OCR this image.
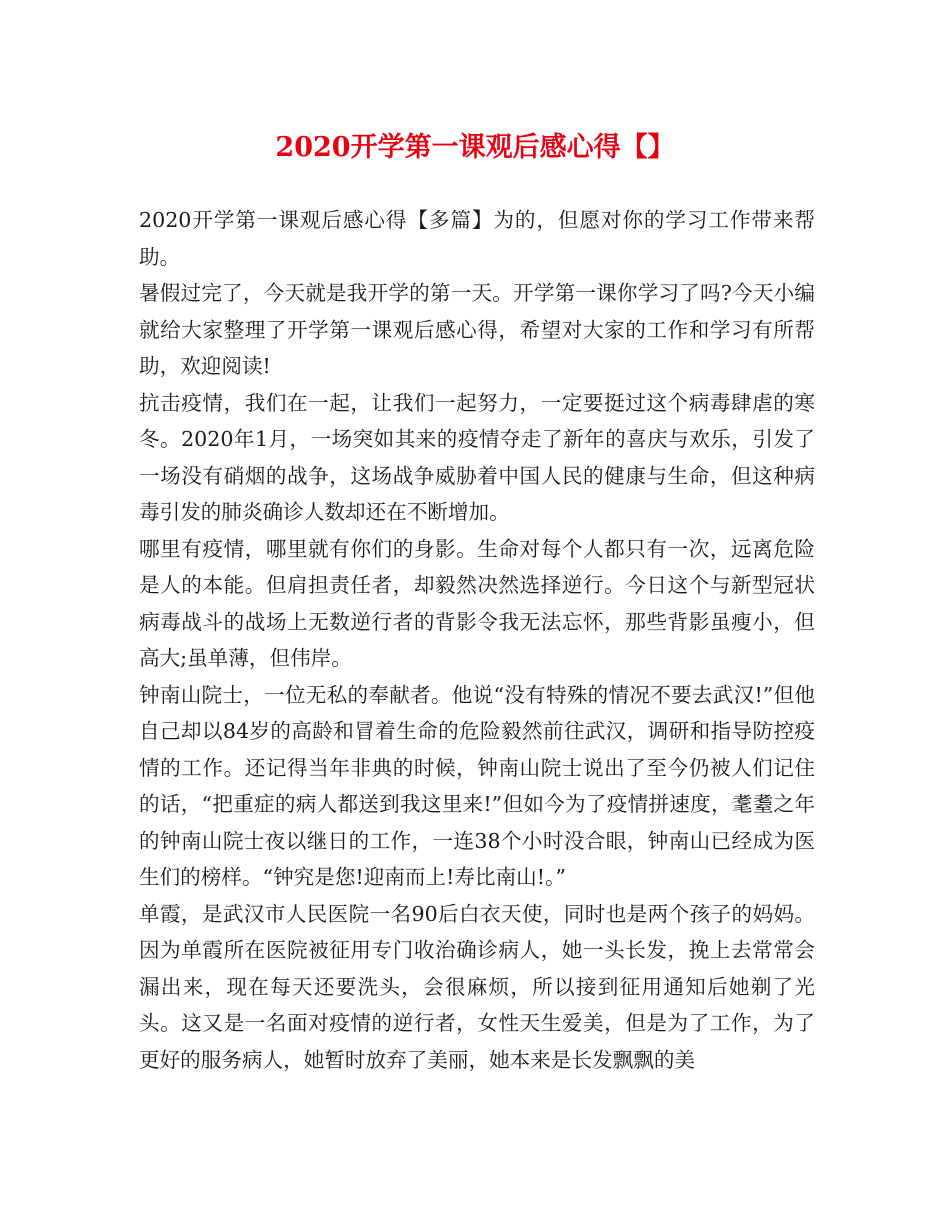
2020开学第一课观后感心得【】

2020开学第一课观后感心得【多篇】为的，但愿对你的学习工作带来帮助。

暑假过完了，今天就是我开学的第一天。开学第一课你学习了吗?今天小编就给大家整理了开学第一课观后感心得，希望对大家的工作和学习有所帮助，欢迎阅读!

抗击疫情，我们在一起，让我们一起努力，一定要挺过这个病毒肆虐的寒冬。2020年1月，一场突如其来的疫情夺走了新年的喜庆与欢乐，引发了一场没有硝烟的战争，这场战争威胁着中国人民的健康与生命，但这种病毒引发的肺炎确诊人数却还在不断增加。

哪里有疫情，哪里就有你们的身影。生命对每个人都只有一次，远离危险是人的本能。但肩担责任者，却毅然决然选择逆行。今日这个与新型冠状病毒战斗的战场上无数逆行者的背影令我无法忘怀，那些背影虽瘦小，但高大;虽单薄，但伟岸。

钟南山院士，一位无私的奉献者。他说“没有特殊的情况不要去武汉!”但他自己却以84岁的高龄和冒着生命的危险毅然前往武汉，调研和指导防控疫情的工作。还记得当年非典的时候，钟南山院士说出了至今仍被人们记住的话，“把重症的病人都送到我这里来!”但如今为了疫情拼速度，耄耋之年的钟南山院士夜以继日的工作，一连38个小时没合眼，钟南山已经成为医生们的榜样。“钟究是您!迎南而上!寿比南山!。”

单霞，是武汉市人民医院一名90后白衣天使，同时也是两个孩子的妈妈。因为单霞所在医院被征用专门收治确诊病人，她一头长发，挽上去常常会漏出来，现在每天还要洗头，会很麻烦，所以接到征用通知后她剃了光头。这又是一名面对疫情的逆行者，女性天生爱美，但是为了工作，为了更好的服务病人，她暂时放弃了美丽，她本来是长发飘飘的美
